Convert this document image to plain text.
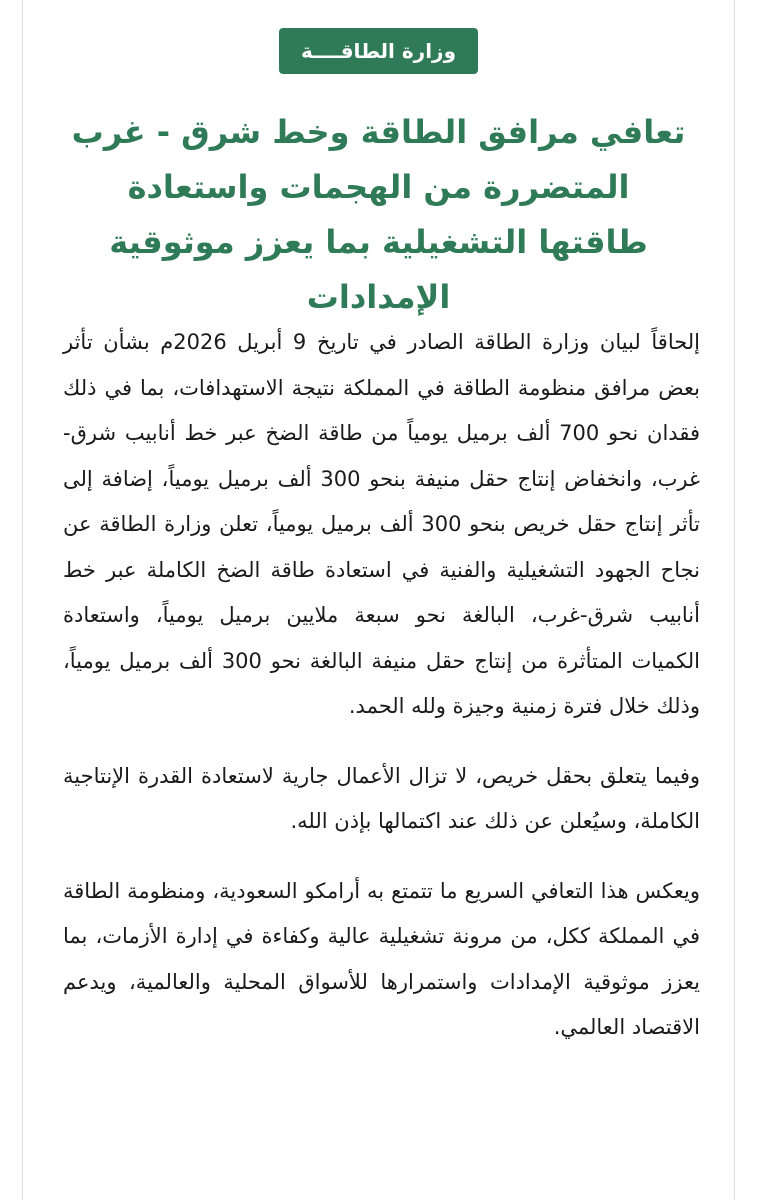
وزارة الطاقــــة
تعافي مرافق الطاقة وخط شرق - غرب المتضررة من الهجمات واستعادة طاقتها التشغيلية بما يعزز موثوقية الإمدادات

إلحاقاً لبيان وزارة الطاقة الصادر في تاريخ 9 أبريل 2026م بشأن تأثر بعض مرافق منظومة الطاقة في المملكة نتيجة الاستهدافات، بما في ذلك فقدان نحو 700 ألف برميل يومياً من طاقة الضخ عبر خط أنابيب شرق-غرب، وانخفاض إنتاج حقل منيفة بنحو 300 ألف برميل يومياً، إضافة إلى تأثر إنتاج حقل خريص بنحو 300 ألف برميل يومياً، تعلن وزارة الطاقة عن نجاح الجهود التشغيلية والفنية في استعادة طاقة الضخ الكاملة عبر خط أنابيب شرق-غرب، البالغة نحو سبعة ملايين برميل يومياً، واستعادة الكميات المتأثرة من إنتاج حقل منيفة البالغة نحو 300 ألف برميل يومياً، وذلك خلال فترة زمنية وجيزة ولله الحمد.

وفيما يتعلق بحقل خريص، لا تزال الأعمال جارية لاستعادة القدرة الإنتاجية الكاملة، وسيُعلن عن ذلك عند اكتمالها بإذن الله.

ويعكس هذا التعافي السريع ما تتمتع به أرامكو السعودية، ومنظومة الطاقة في المملكة ككل، من مرونة تشغيلية عالية وكفاءة في إدارة الأزمات، بما يعزز موثوقية الإمدادات واستمرارها للأسواق المحلية والعالمية، ويدعم الاقتصاد العالمي.
